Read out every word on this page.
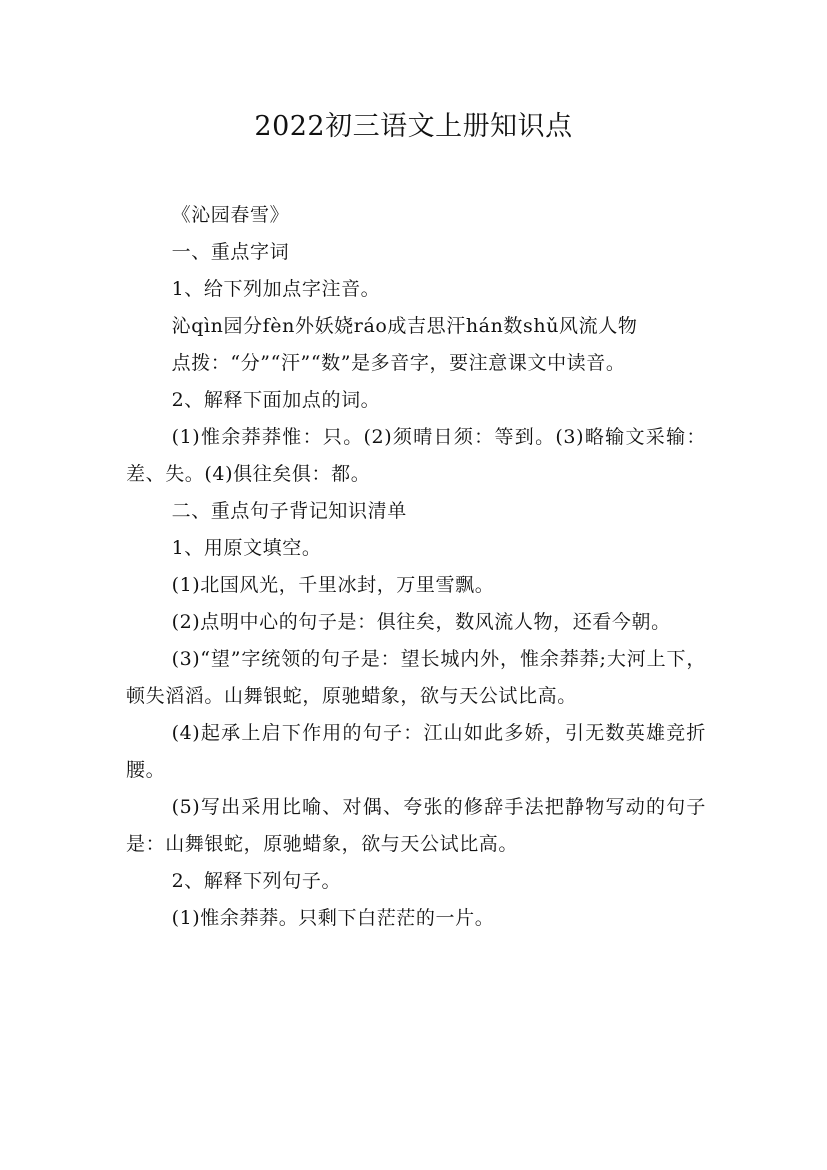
2022初三语文上册知识点

《沁园春雪》

一、重点字词

1、给下列加点字注音。

沁qìn园分fèn外妖娆ráo成吉思汗hán数shǔ风流人物

点拨：“分”“汗”“数”是多音字，要注意课文中读音。

2、解释下面加点的词。

(1)惟余莽莽惟：只。(2)须晴日须：等到。(3)略输文采输：差、失。(4)俱往矣俱：都。

二、重点句子背记知识清单

1、用原文填空。

(1)北国风光，千里冰封，万里雪飘。

(2)点明中心的句子是：俱往矣，数风流人物，还看今朝。

(3)“望”字统领的句子是：望长城内外，惟余莽莽;大河上下，顿失滔滔。山舞银蛇，原驰蜡象，欲与天公试比高。

(4)起承上启下作用的句子：江山如此多娇，引无数英雄竞折腰。

(5)写出采用比喻、对偶、夸张的修辞手法把静物写动的句子是：山舞银蛇，原驰蜡象，欲与天公试比高。

2、解释下列句子。

(1)惟余莽莽。只剩下白茫茫的一片。
